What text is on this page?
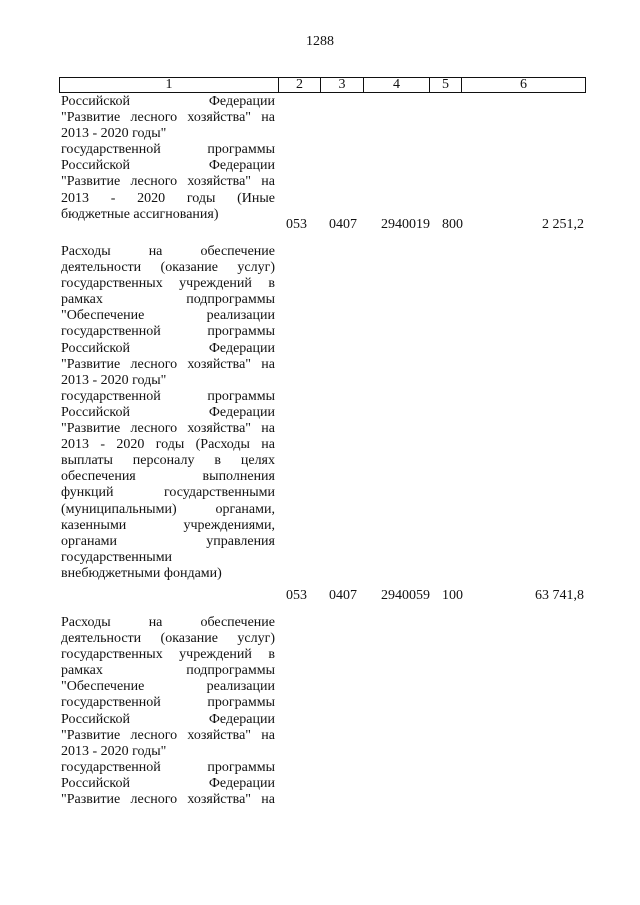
1288
1	2	3	4	5	6
Российской Федерации
"Развитие лесного хозяйства" на
2013 - 2020 годы"
государственной программы
Российской Федерации
"Развитие лесного хозяйства" на
2013 - 2020 годы (Иные
бюджетные ассигнования)
053 0407 2940019 800	2 251,2
Расходы на обеспечение
деятельности (оказание услуг)
государственных учреждений в
рамках подпрограммы
"Обеспечение реализации
государственной программы
Российской Федерации
"Развитие лесного хозяйства" на
2013 - 2020 годы"
государственной программы
Российской Федерации
"Развитие лесного хозяйства" на
2013 - 2020 годы (Расходы на
выплаты персоналу в целях
обеспечения выполнения
функций государственными
(муниципальными) органами,
казенными учреждениями,
органами управления
государственными
внебюджетными фондами)
053 0407 2940059 100	63 741,8
Расходы на обеспечение
деятельности (оказание услуг)
государственных учреждений в
рамках подпрограммы
"Обеспечение реализации
государственной программы
Российской Федерации
"Развитие лесного хозяйства" на
2013 - 2020 годы"
государственной программы
Российской Федерации
"Развитие лесного хозяйства" на
